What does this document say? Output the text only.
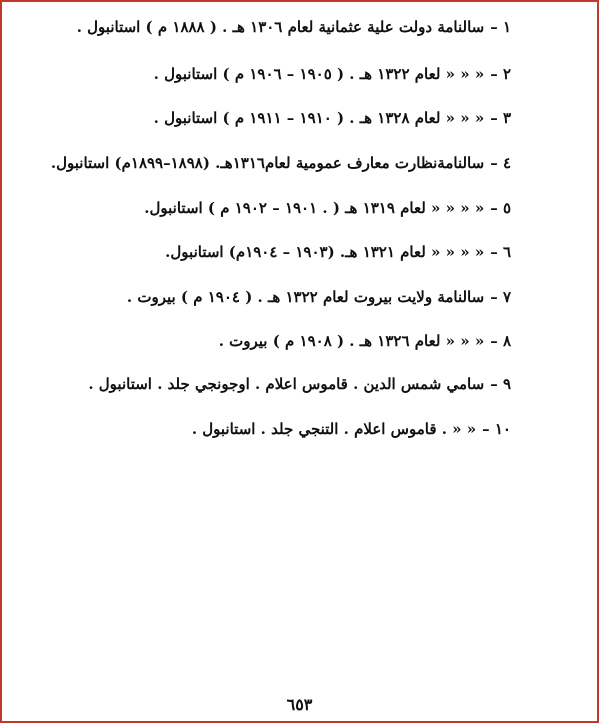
١ –سالنامة دولت علية عثمانية لعام ١٣٠٦ هـ . ( ١٨٨٨ م ) استانبول .
٢ –« « « لعام ١٣٢٢ هـ . ( ١٩٠٥ – ١٩٠٦ م ) استانبول .
٣ –« « « لعام ١٣٢٨ هـ . ( ١٩١٠ – ١٩١١ م ) استانبول .
٤ –سالنامةنظارت معارف عمومية لعام١٣١٦هـ. (١٨٩٨–١٨٩٩م) استانبول.
٥ –« « « « لعام ١٣١٩ هـ ( . ١٩٠١ – ١٩٠٢ م ) استانبول.
٦ –« « « « لعام ١٣٢١ هـ. (١٩٠٣ – ١٩٠٤م) استانبول.
٧ –سالنامة ولايت بيروت لعام ١٣٢٢ هـ . ( ١٩٠٤ م ) بيروت .
٨ –« « « لعام ١٣٢٦ هـ . ( ١٩٠٨ م ) بيروت .
٩ –سامي شمس الدين . قاموس اعلام . اوجونجي جلد . استانبول .
١٠ –« « . قاموس اعلام . التنجي جلد . استانبول .
٦٥٣
